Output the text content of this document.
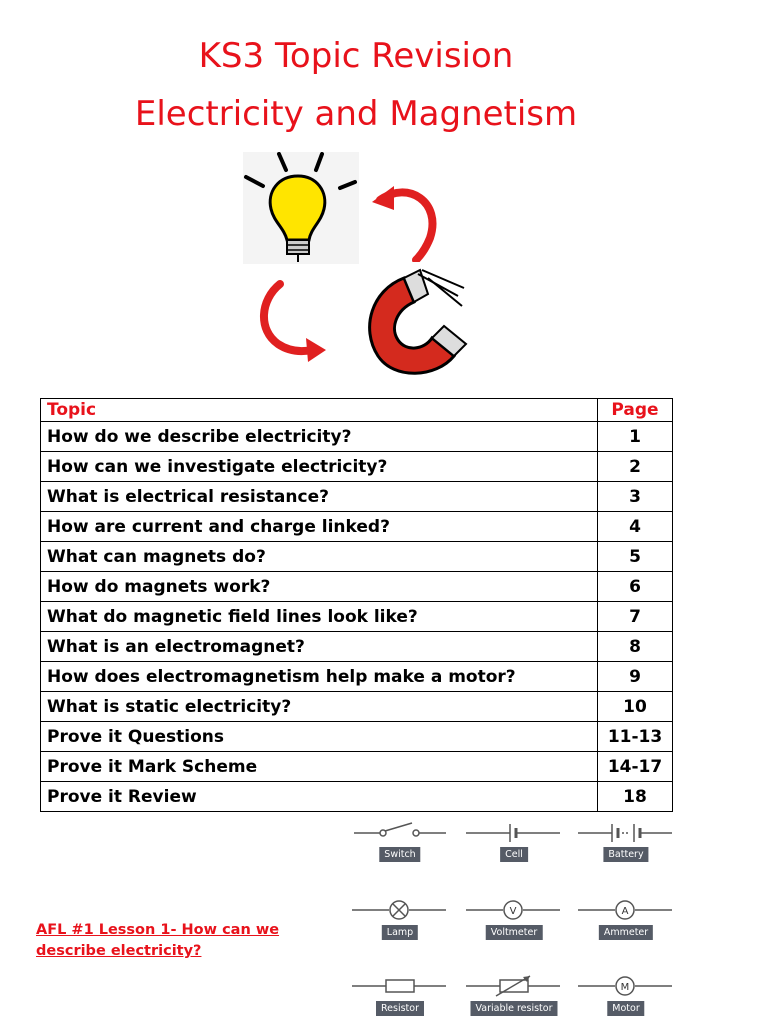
KS3 Topic Revision
Electricity and Magnetism
Topic	Page
How do we describe electricity?	1
How can we investigate electricity?	2
What is electrical resistance?	3
How are current and charge linked?	4
What can magnets do?	5
How do magnets work?	6
What do magnetic field lines look like?	7
What is an electromagnet?	8
How does electromagnetism help make a motor?	9
What is static electricity?	10
Prove it Questions	11-13
Prove it Mark Scheme	14-17
Prove it Review	18
Switch	Cell	Battery
Lamp
V
Voltmeter
A
Ammeter
Resistor	Variable resistor
M
Motor
AFL #1 Lesson 1- How can we describe electricity?
